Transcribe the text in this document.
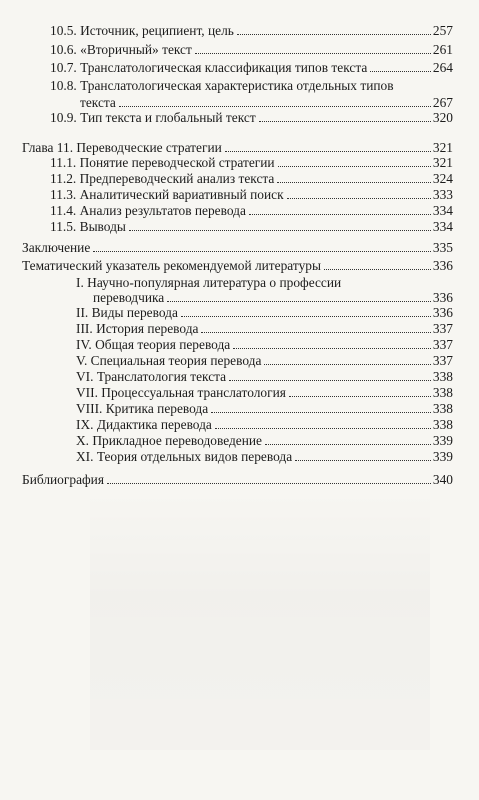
10.5. Источник, реципиент, цель	257
10.6. «Вторичный» текст	261
10.7. Транслатологическая классификация типов текста	264
10.8. Транслатологическая характеристика отдельных типов
текста	267
10.9. Тип текста и глобальный текст	320
Глава 11. Переводческие стратегии	321
11.1. Понятие переводческой стратегии	321
11.2. Предпереводческий анализ текста	324
11.3. Аналитический вариативный поиск	333
11.4. Анализ результатов перевода	334
11.5. Выводы	334
Заключение	335
Тематический указатель рекомендуемой литературы	336
I. Научно-популярная литература о профессии
переводчика	336
II. Виды перевода	336
III. История перевода	337
IV. Общая теория перевода	337
V. Специальная теория перевода	337
VI. Транслатология текста	338
VII. Процессуальная транслатология	338
VIII. Критика перевода	338
IX. Дидактика перевода	338
X. Прикладное переводоведение	339
XI. Теория отдельных видов перевода	339
Библиография	340
